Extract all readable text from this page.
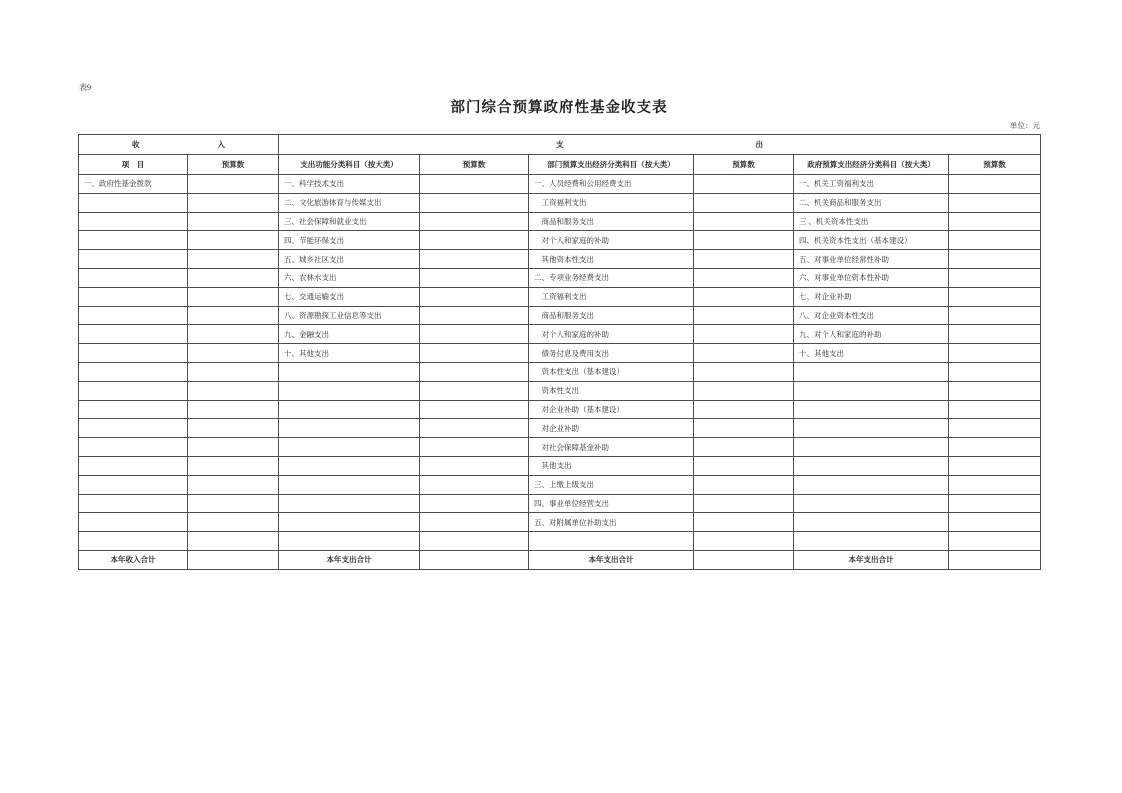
表9
部门综合预算政府性基金收支表
单位：元
收 入		支 出					

项　目	预算数	支出功能分类科目（按大类）	预算数	部门预算支出经济分类科目（按大类）	预算数	政府预算支出经济分类科目（按大类）	预算数
一、政府性基金拨款		一、科学技术支出		一、人员经费和公用经费支出		一、机关工资福利支出	
		二、文化旅游体育与传媒支出		　工资福利支出		二、机关商品和服务支出	
		三、社会保障和就业支出		　商品和服务支出		三 、机关资本性支出	
		四、节能环保支出		　对个人和家庭的补助		四、机关资本性支出（基本建设）	
		五、城乡社区支出		　其他资本性支出		五、对事业单位经常性补助	
		六、农林水支出		二、专项业务经费支出		六、对事业单位资本性补助	
		七、交通运输支出		　工资福利支出		七、对企业补助	
		八、资源勘探工业信息等支出		　商品和服务支出		八、对企业资本性支出	
		九、金融支出		　对个人和家庭的补助		九、对个人和家庭的补助	
		十、其他支出		　债务付息及费用支出		十、其他支出	
				　资本性支出（基本建设）			
				　资本性支出			
				　对企业补助（基本建设）			
				　对企业补助			
				　对社会保障基金补助			
				　其他支出			
				三、上缴上级支出			
				四、事业单位经营支出			
				五、对附属单位补助支出			

本年收入合计		本年支出合计		本年支出合计		本年支出合计	
